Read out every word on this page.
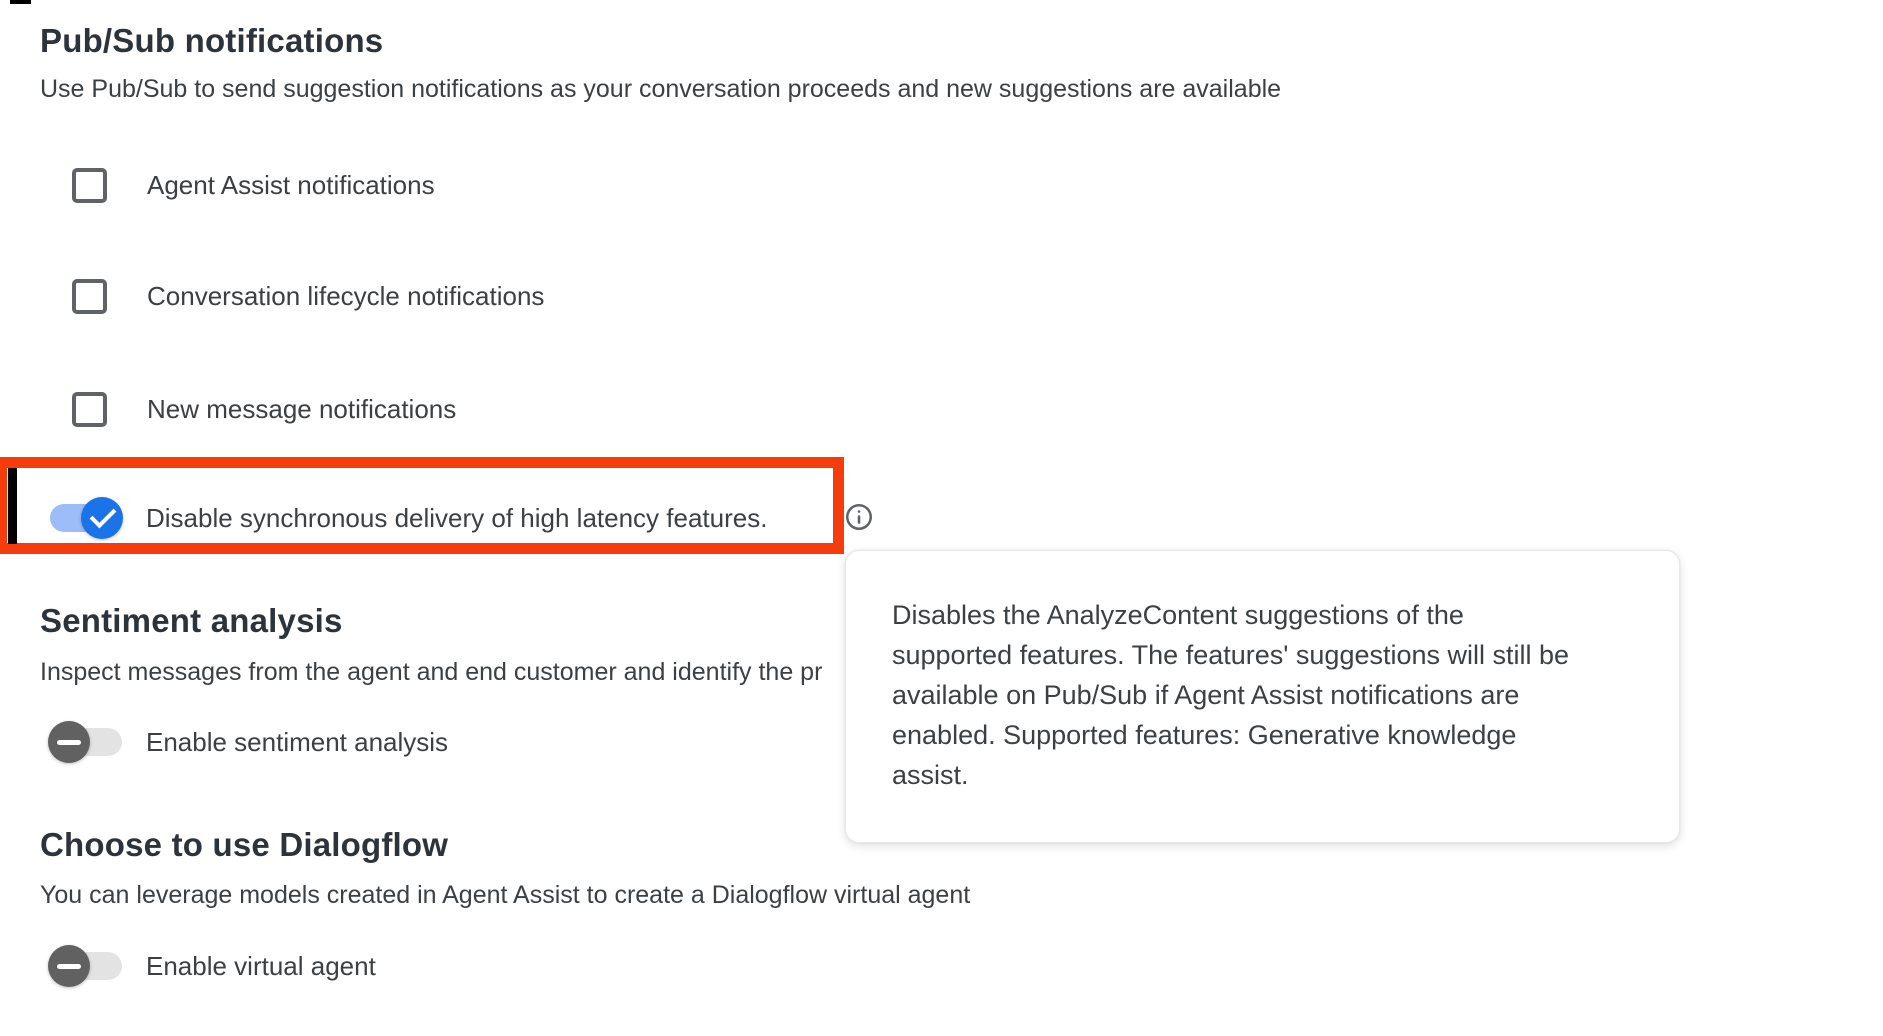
Pub/Sub notifications
Use Pub/Sub to send suggestion notifications as your conversation proceeds and new suggestions are available
Agent Assist notifications
Conversation lifecycle notifications
New message notifications
Disable synchronous delivery of high latency features.
Disables the AnalyzeContent suggestions of the
supported features. The features' suggestions will still be
available on Pub/Sub if Agent Assist notifications are
enabled. Supported features: Generative knowledge
assist.
Sentiment analysis
Inspect messages from the agent and end customer and identify the pr
Enable sentiment analysis
Choose to use Dialogflow
You can leverage models created in Agent Assist to create a Dialogflow virtual agent
Enable virtual agent
